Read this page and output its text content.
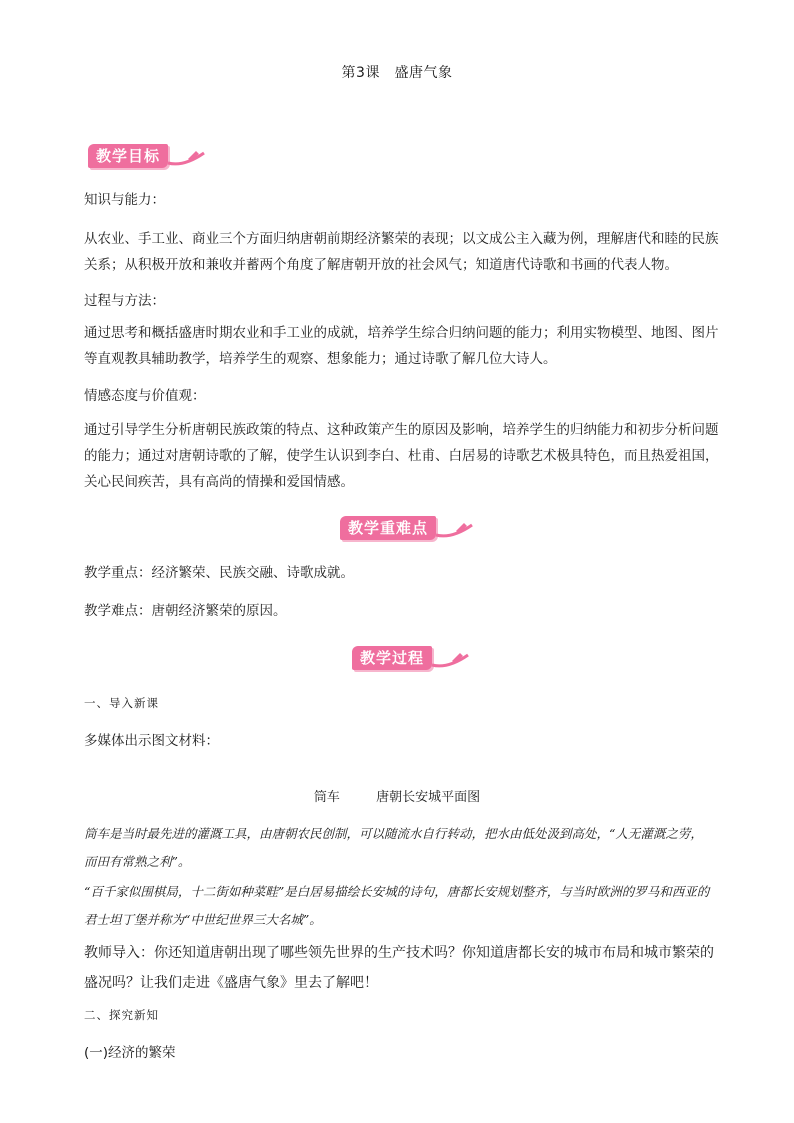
第3课　盛唐气象
教学目标
知识与能力：
从农业、手工业、商业三个方面归纳唐朝前期经济繁荣的表现；以文成公主入藏为例，理解唐代和睦的民族关系；从积极开放和兼收并蓄两个角度了解唐朝开放的社会风气；知道唐代诗歌和书画的代表人物。
过程与方法：
通过思考和概括盛唐时期农业和手工业的成就，培养学生综合归纳问题的能力；利用实物模型、地图、图片等直观教具辅助教学，培养学生的观察、想象能力；通过诗歌了解几位大诗人。
情感态度与价值观：
通过引导学生分析唐朝民族政策的特点、这种政策产生的原因及影响，培养学生的归纳能力和初步分析问题的能力；通过对唐朝诗歌的了解，使学生认识到李白、杜甫、白居易的诗歌艺术极具特色，而且热爱祖国，关心民间疾苦，具有高尚的情操和爱国情感。
教学重难点
教学重点：经济繁荣、民族交融、诗歌成就。
教学难点：唐朝经济繁荣的原因。
教学过程
一、导入新课
多媒体出示图文材料：
筒车	唐朝长安城平面图
筒车是当时最先进的灌溉工具，由唐朝农民创制，可以随流水自行转动，把水由低处汲到高处，“人无灌溉之劳，而田有常熟之利”。
“百千家似围棋局，十二街如种菜畦”是白居易描绘长安城的诗句，唐都长安规划整齐，与当时欧洲的罗马和西亚的君士坦丁堡并称为“中世纪世界三大名城”。
教师导入：你还知道唐朝出现了哪些领先世界的生产技术吗？你知道唐都长安的城市布局和城市繁荣的盛况吗？让我们走进《盛唐气象》里去了解吧！
二、探究新知
(一)经济的繁荣
